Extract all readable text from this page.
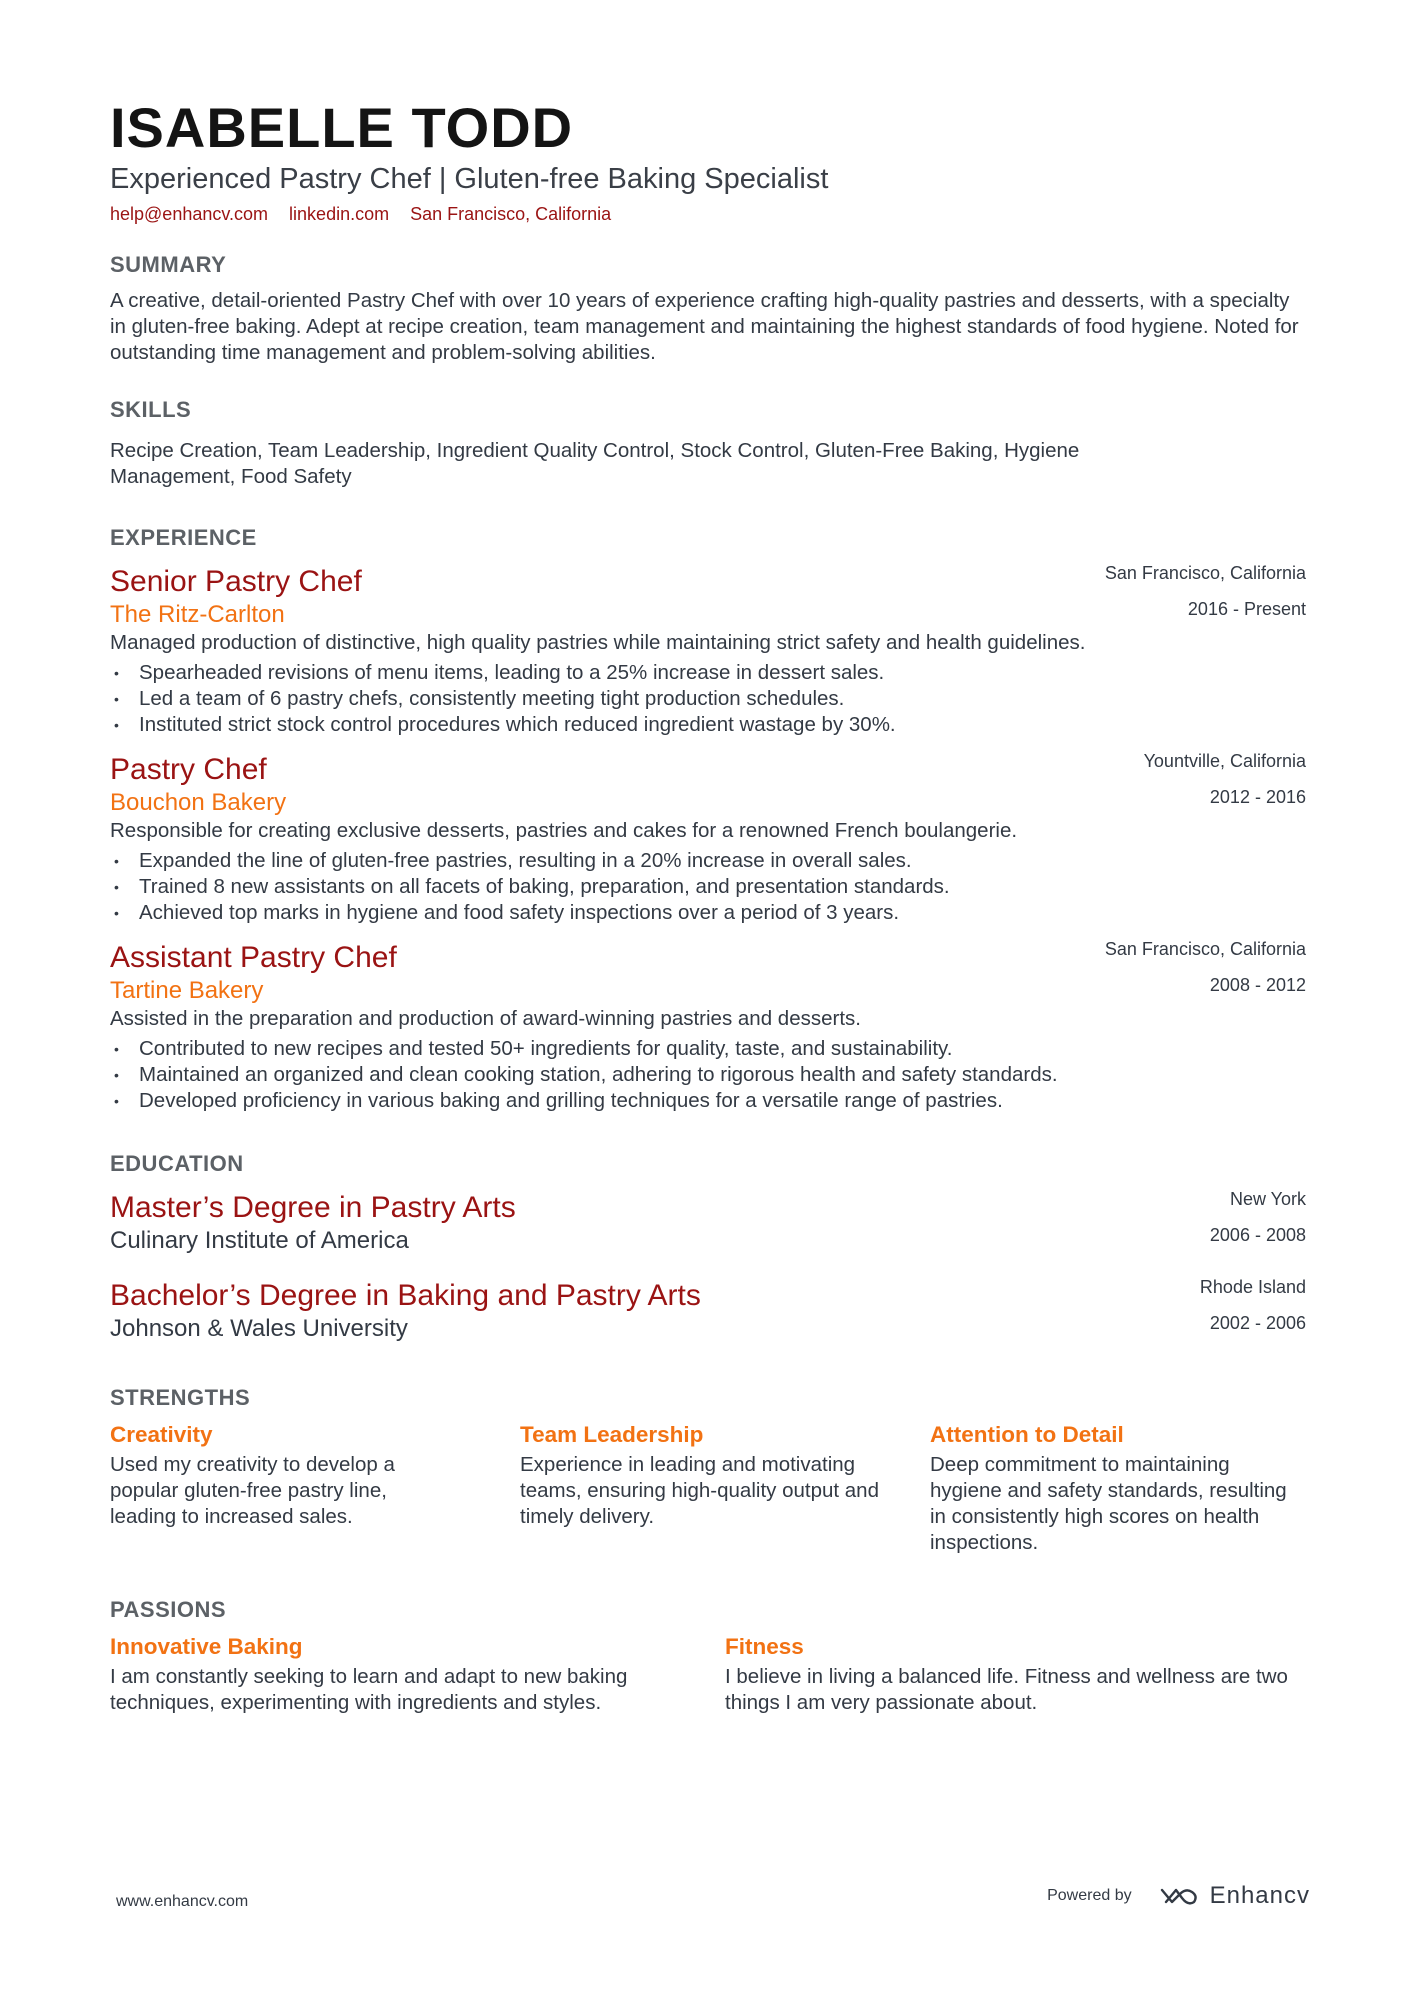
ISABELLE TODD
Experienced Pastry Chef | Gluten-free Baking Specialist
help@enhancv.com linkedin.com San Francisco, California
SUMMARY
A creative, detail-oriented Pastry Chef with over 10 years of experience crafting high-quality pastries and desserts, with a specialty in gluten-free baking. Adept at recipe creation, team management and maintaining the highest standards of food hygiene. Noted for outstanding time management and problem-solving abilities.
SKILLS
Recipe Creation, Team Leadership, Ingredient Quality Control, Stock Control, Gluten-Free Baking, Hygiene Management, Food Safety
EXPERIENCE
San Francisco, California
2016 - Present
Senior Pastry Chef
The Ritz-Carlton
Managed production of distinctive, high quality pastries while maintaining strict safety and health guidelines.
• Spearheaded revisions of menu items, leading to a 25% increase in dessert sales.
• Led a team of 6 pastry chefs, consistently meeting tight production schedules.
• Instituted strict stock control procedures which reduced ingredient wastage by 30%.
Yountville, California
2012 - 2016
Pastry Chef
Bouchon Bakery
Responsible for creating exclusive desserts, pastries and cakes for a renowned French boulangerie.
• Expanded the line of gluten-free pastries, resulting in a 20% increase in overall sales.
• Trained 8 new assistants on all facets of baking, preparation, and presentation standards.
• Achieved top marks in hygiene and food safety inspections over a period of 3 years.
San Francisco, California
2008 - 2012
Assistant Pastry Chef
Tartine Bakery
Assisted in the preparation and production of award-winning pastries and desserts.
• Contributed to new recipes and tested 50+ ingredients for quality, taste, and sustainability.
• Maintained an organized and clean cooking station, adhering to rigorous health and safety standards.
• Developed proficiency in various baking and grilling techniques for a versatile range of pastries.
EDUCATION
New York
2006 - 2008
Master’s Degree in Pastry Arts
Culinary Institute of America
Rhode Island
2002 - 2006
Bachelor’s Degree in Baking and Pastry Arts
Johnson & Wales University
STRENGTHS
Creativity
Used my creativity to develop a popular gluten-free pastry line, leading to increased sales.
Team Leadership
Experience in leading and motivating teams, ensuring high-quality output and timely delivery.
Attention to Detail
Deep commitment to maintaining hygiene and safety standards, resulting in consistently high scores on health inspections.
PASSIONS
Innovative Baking
I am constantly seeking to learn and adapt to new baking techniques, experimenting with ingredients and styles.
Fitness
I believe in living a balanced life. Fitness and wellness are two things I am very passionate about.
www.enhancv.com	Powered by	Enhancv
